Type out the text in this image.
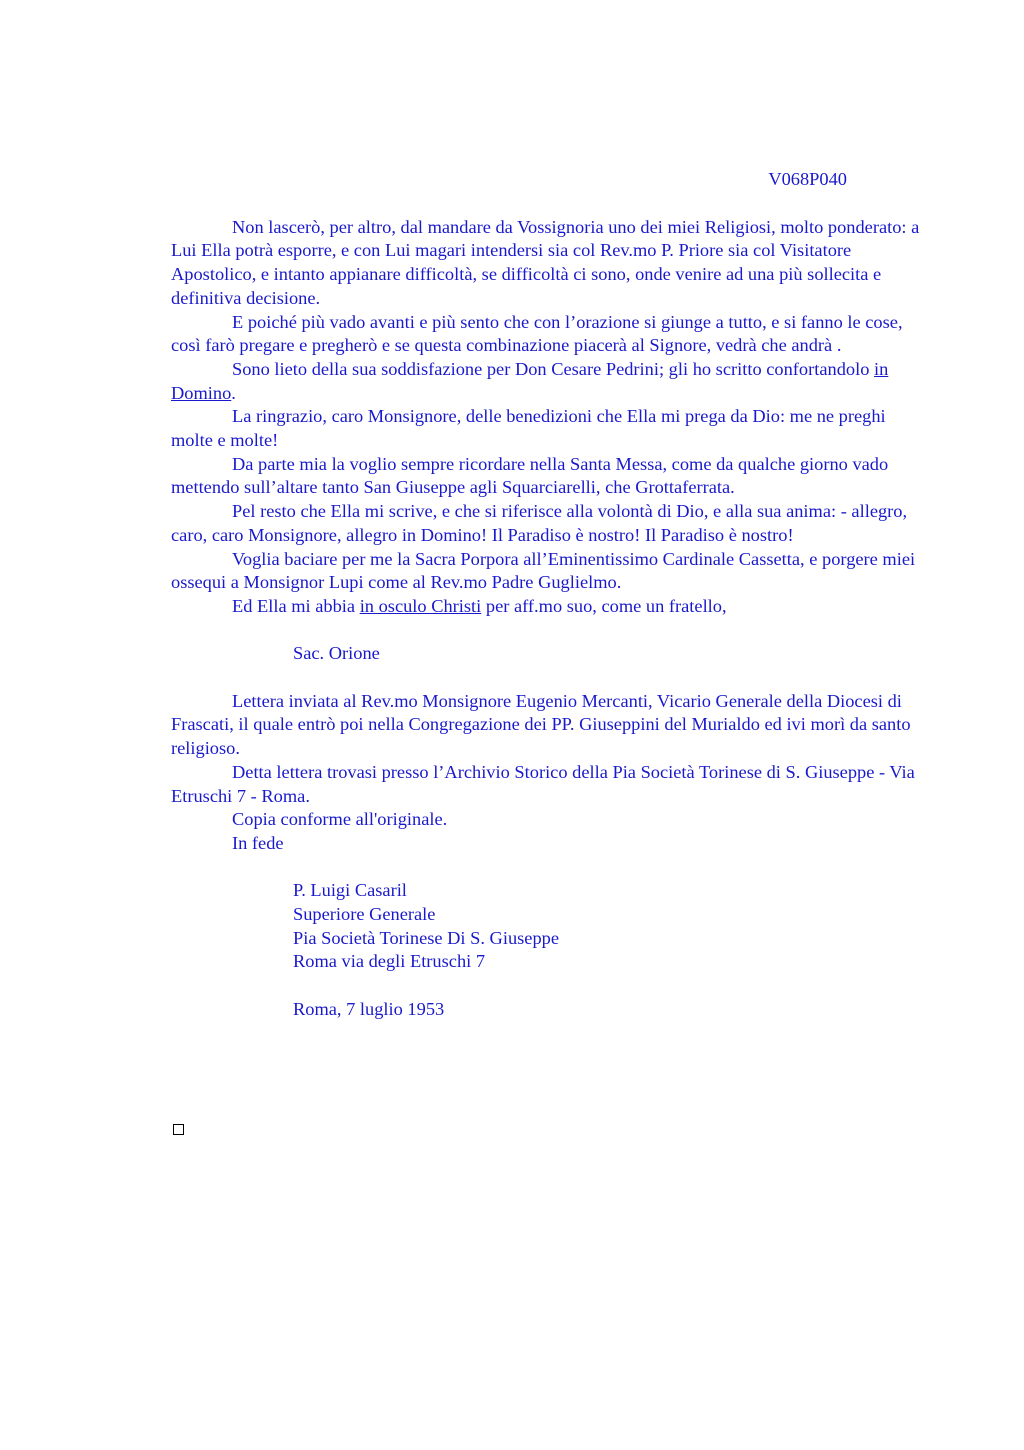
V068P040

Non lascerò, per altro, dal mandare da Vossignoria uno dei miei Religiosi, molto ponderato: a Lui Ella potrà esporre, e con Lui magari intendersi sia col Rev.mo P. Priore sia col Visitatore Apostolico, e intanto appianare difficoltà, se difficoltà ci sono, onde venire ad una più sollecita e definitiva decisione.

E poiché più vado avanti e più sento che con l’orazione si giunge a tutto, e si fanno le cose, così farò pregare e pregherò e se questa combinazione piacerà al Signore, vedrà che andrà .

Sono lieto della sua soddisfazione per Don Cesare Pedrini; gli ho scritto confortandolo in Domino.

La ringrazio, caro Monsignore, delle benedizioni che Ella mi prega da Dio: me ne preghi molte e molte!

Da parte mia la voglio sempre ricordare nella Santa Messa, come da qualche giorno vado mettendo sull’altare tanto San Giuseppe agli Squarciarelli, che Grottaferrata.

Pel resto che Ella mi scrive, e che si riferisce alla volontà di Dio, e alla sua anima: - allegro, caro, caro Monsignore, allegro in Domino! Il Paradiso è nostro! Il Paradiso è nostro!

Voglia baciare per me la Sacra Porpora all’Eminentissimo Cardinale Cassetta, e porgere miei ossequi a Monsignor Lupi come al Rev.mo Padre Guglielmo.

Ed Ella mi abbia in osculo Christi per aff.mo suo, come un fratello,

Sac. Orione

Lettera inviata al Rev.mo Monsignore Eugenio Mercanti, Vicario Generale della Diocesi di Frascati, il quale entrò poi nella Congregazione dei PP. Giuseppini del Murialdo ed ivi morì da santo religioso.

Detta lettera trovasi presso l’Archivio Storico della Pia Società Torinese di S. Giuseppe - Via Etruschi 7 - Roma.

Copia conforme all'originale.
In fede
P. Luigi Casaril
Superiore Generale
Pia Società Torinese Di S. Giuseppe
Roma via degli Etruschi 7
Roma, 7 luglio 1953
